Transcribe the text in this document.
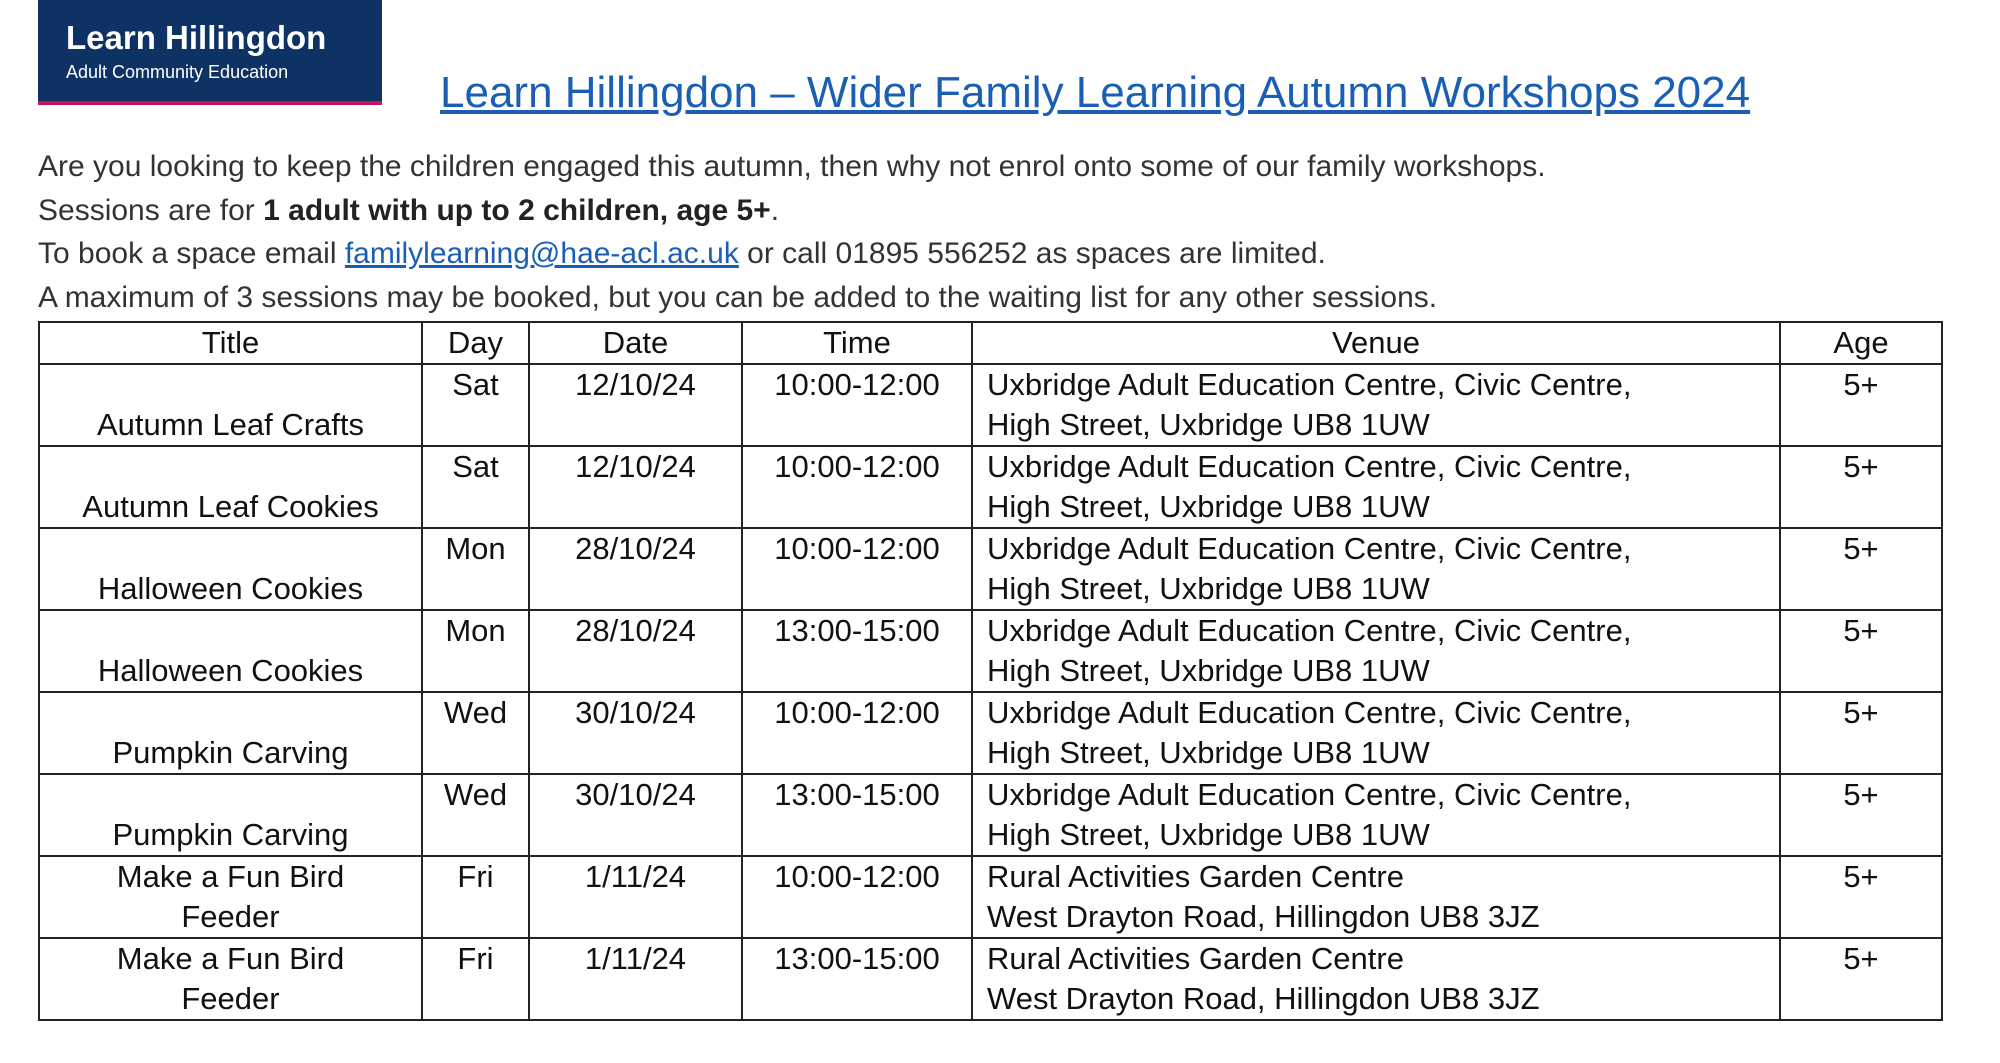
Learn Hillingdon
Adult Community Education	Learn Hillingdon – Wider Family Learning Autumn Workshops 2024
Are you looking to keep the children engaged this autumn, then why not enrol onto some of our family workshops.
Sessions are for 1 adult with up to 2 children, age 5+.
To book a space email familylearning@hae-acl.ac.uk or call 01895 556252 as spaces are limited.
A maximum of 3 sessions may be booked, but you can be added to the waiting list for any other sessions.
Title	Day	Date	Time	Venue	Age
Autumn Leaf Crafts	Sat	12/10/24	10:00-12:00	Uxbridge Adult Education Centre, Civic Centre,
High Street, Uxbridge UB8 1UW	5+
Autumn Leaf Cookies	Sat	12/10/24	10:00-12:00	Uxbridge Adult Education Centre, Civic Centre,
High Street, Uxbridge UB8 1UW	5+
Halloween Cookies	Mon	28/10/24	10:00-12:00	Uxbridge Adult Education Centre, Civic Centre,
High Street, Uxbridge UB8 1UW	5+
Halloween Cookies	Mon	28/10/24	13:00-15:00	Uxbridge Adult Education Centre, Civic Centre,
High Street, Uxbridge UB8 1UW	5+
Pumpkin Carving	Wed	30/10/24	10:00-12:00	Uxbridge Adult Education Centre, Civic Centre,
High Street, Uxbridge UB8 1UW	5+
Pumpkin Carving	Wed	30/10/24	13:00-15:00	Uxbridge Adult Education Centre, Civic Centre,
High Street, Uxbridge UB8 1UW	5+
Make a Fun Bird
Feeder	Fri	1/11/24	10:00-12:00	Rural Activities Garden Centre
West Drayton Road, Hillingdon UB8 3JZ	5+
Make a Fun Bird
Feeder	Fri	1/11/24	13:00-15:00	Rural Activities Garden Centre
West Drayton Road, Hillingdon UB8 3JZ	5+
